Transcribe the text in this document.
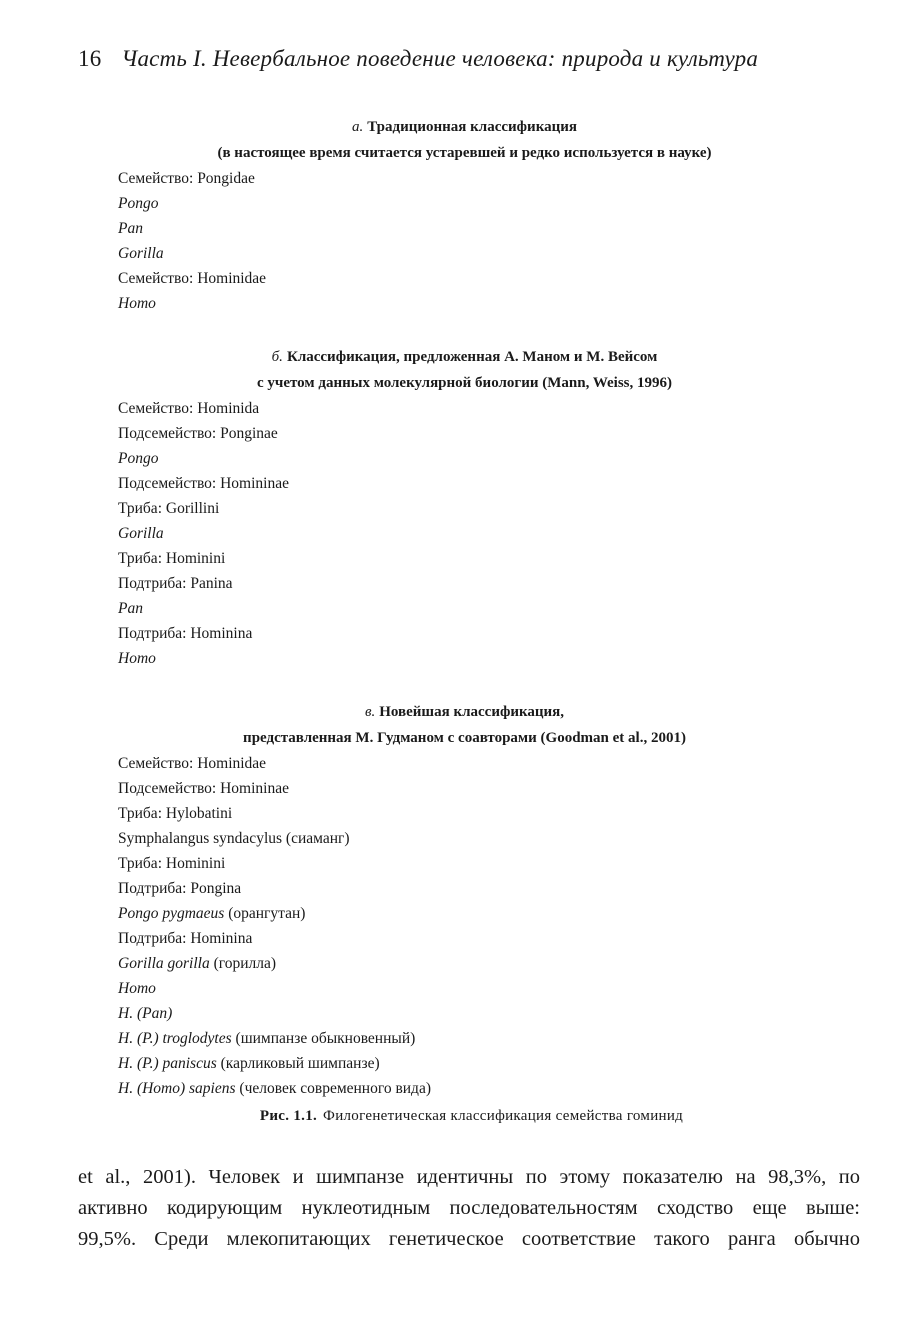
16 Часть I. Невербальное поведение человека: природа и культура
а. Традиционная классификация
(в настоящее время считается устаревшей и редко используется в науке)
Семейство: Pongidae
Pongo
Pan
Gorilla
Семейство: Hominidae
Homo
б. Классификация, предложенная А. Маном и М. Вейсом
с учетом данных молекулярной биологии (Mann, Weiss, 1996)
Семейство: Hominida
Подсемейство: Ponginae
Pongo
Подсемейство: Homininae
Триба: Gorillini
Gorilla
Триба: Hominini
Подтриба: Panina
Pan
Подтриба: Hominina
Homo
в. Новейшая классификация,
представленная М. Гудманом с соавторами (Goodman et al., 2001)
Семейство: Hominidae
Подсемейство: Homininae
Триба: Hylobatini
Symphalangus syndacylus (сиаманг)
Триба: Hominini
Подтриба: Pongina
Pongo pygmaeus (орангутан)
Подтриба: Hominina
Gorilla gorilla (горилла)
Homo
H. (Pan)
H. (P.) troglodytes (шимпанзе обыкновенный)
H. (P.) paniscus (карликовый шимпанзе)
H. (Homo) sapiens (человек современного вида)
Рис. 1.1. Филогенетическая классификация семейства гоминид
et al., 2001). Человек и шимпанзе идентичны по этому показателю на 98,3%, по
активно кодирующим нуклеотидным последовательностям сходство еще выше:
99,5%. Среди млекопитающих генетическое соответствие такого ранга обычно
